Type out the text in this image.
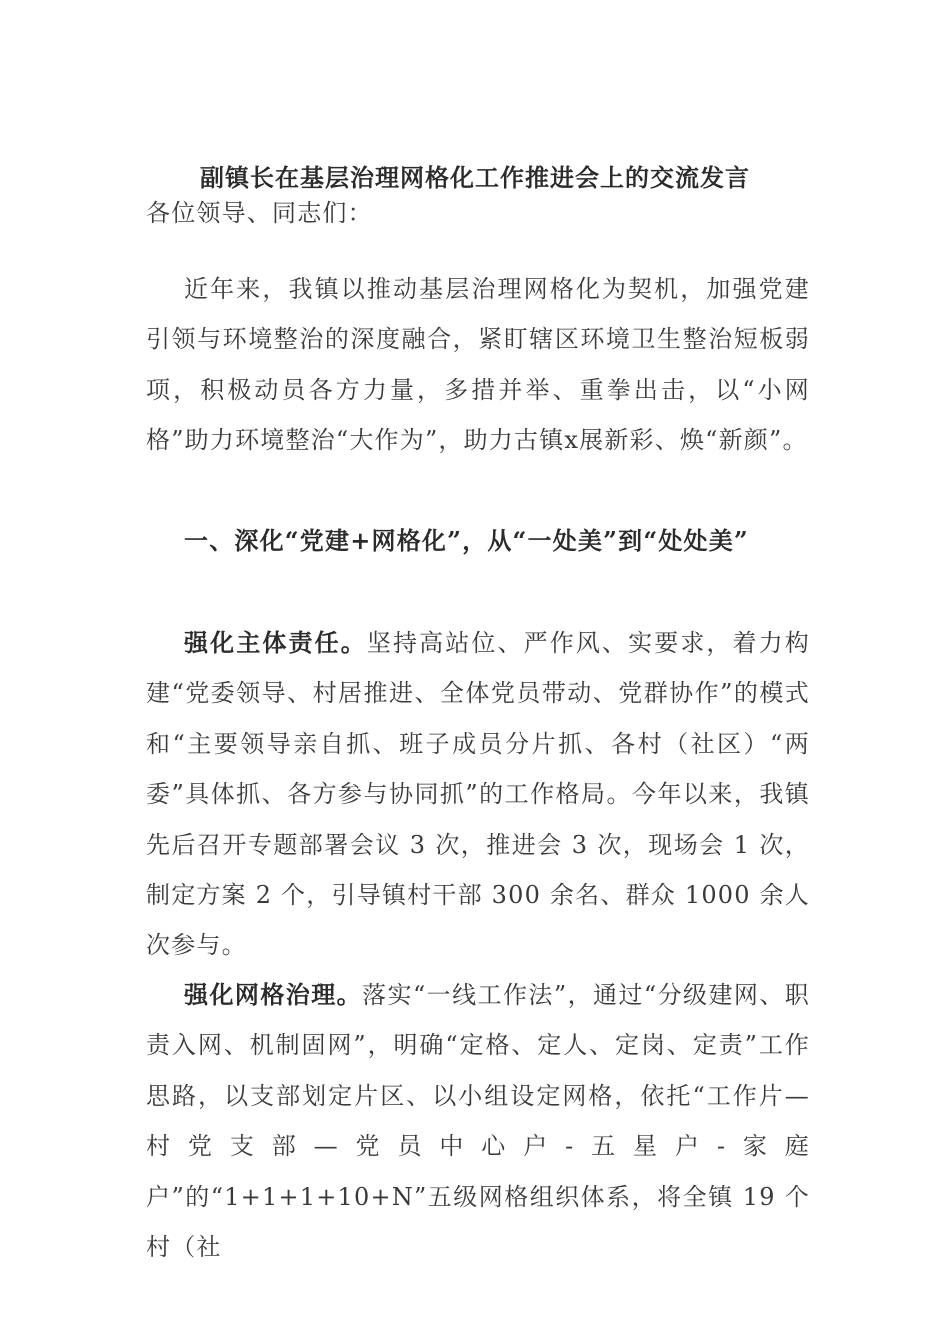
副镇长在基层治理网格化工作推进会上的交流发言

各位领导、同志们：

近年来，我镇以推动基层治理网格化为契机，加强党建引领与环境整治的深度融合，紧盯辖区环境卫生整治短板弱项，积极动员各方力量，多措并举、重拳出击，以“小网格”助力环境整治“大作为”，助力古镇x展新彩、焕“新颜”。

一、深化“党建+网格化”，从“一处美”到“处处美”

强化主体责任。坚持高站位、严作风、实要求，着力构建“党委领导、村居推进、全体党员带动、党群协作”的模式和“主要领导亲自抓、班子成员分片抓、各村（社区）“两委”具体抓、各方参与协同抓”的工作格局。今年以来，我镇先后召开专题部署会议 3 次，推进会 3 次，现场会 1 次，制定方案 2 个，引导镇村干部 300 余名、群众 1000 余人次参与。

强化网格治理。落实“一线工作法”，通过“分级建网、职责入网、机制固网”，明确“定格、定人、定岗、定责”工作思路，以支部划定片区、以小组设定网格，依托“工作片—村党支部—党员中心户-五星户-家庭户”的“1+1+1+10+N”五级网格组织体系，将全镇 19 个村（社
